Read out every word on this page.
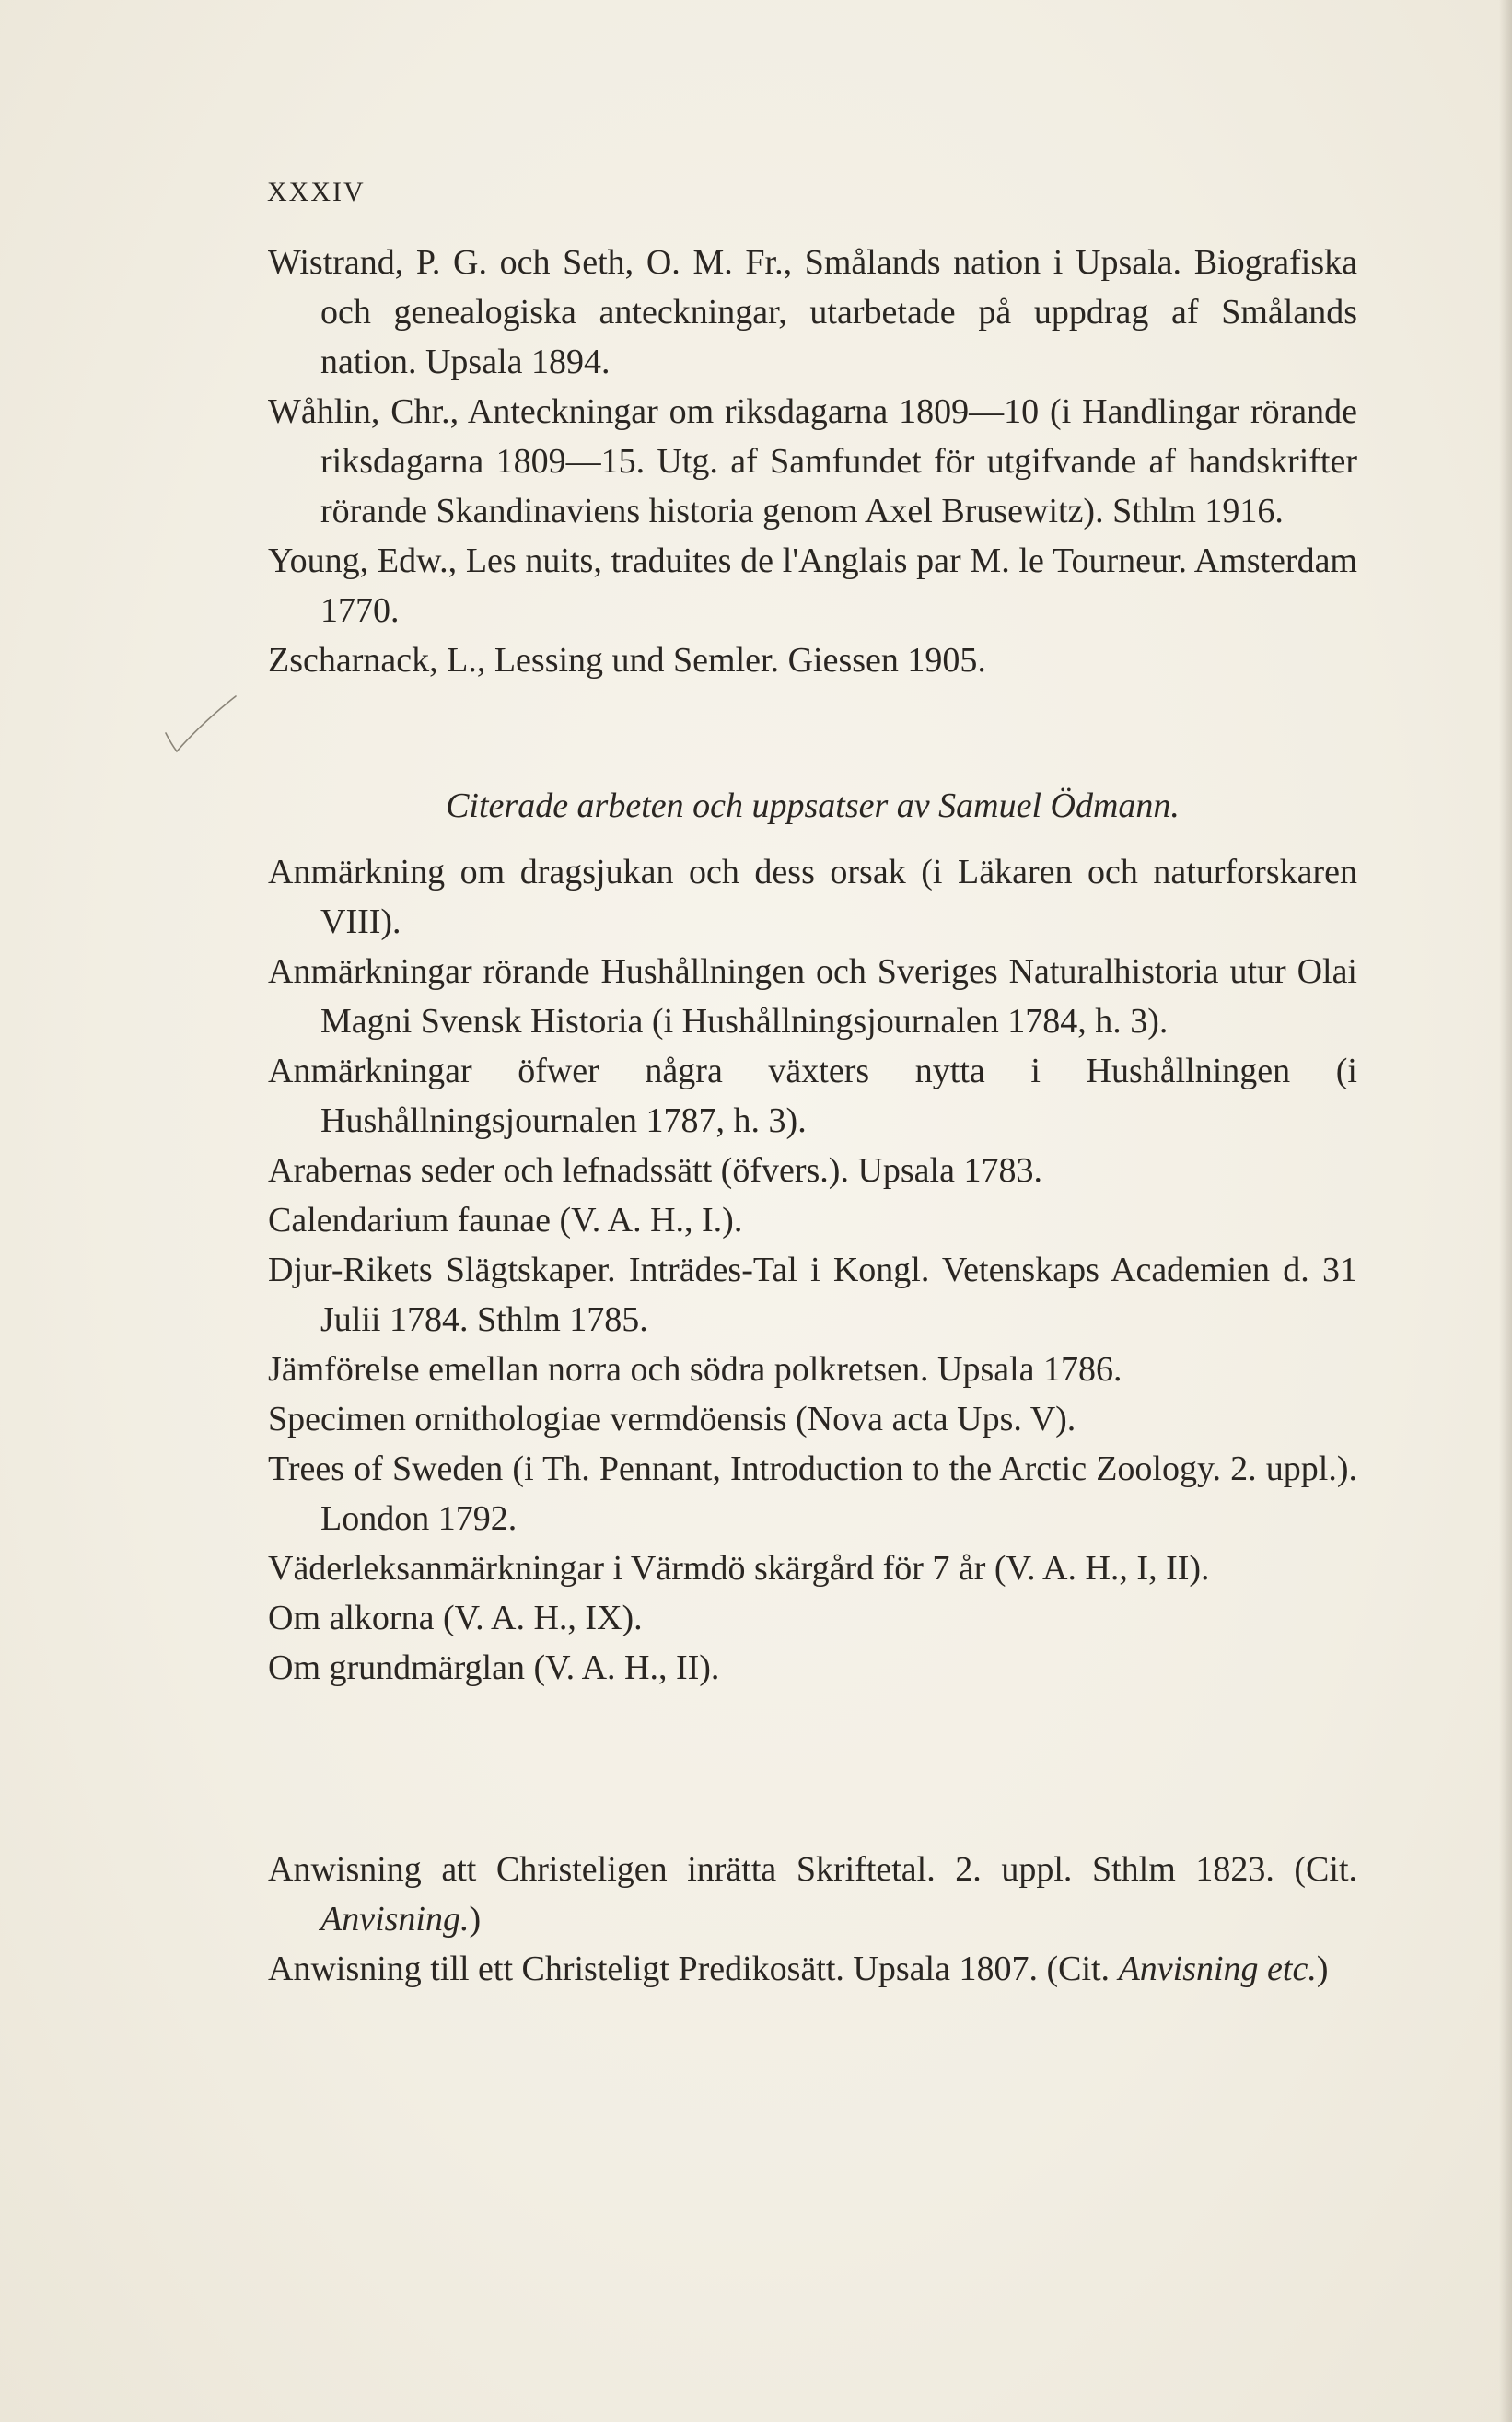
XXXIV

Wistrand, P. G. och Seth, O. M. Fr., Smålands nation i Upsala. Biografiska och genealogiska anteckningar, utarbetade på uppdrag af Smålands nation. Upsala 1894.

Wåhlin, Chr., Anteckningar om riksdagarna 1809—10 (i Handlingar rörande riksdagarna 1809—15. Utg. af Samfundet för utgifvande af handskrifter rörande Skandinaviens historia genom Axel Brusewitz). Sthlm 1916.

Young, Edw., Les nuits, traduites de l'Anglais par M. le Tourneur. Amsterdam 1770.

Zscharnack, L., Lessing und Semler. Giessen 1905.

Citerade arbeten och uppsatser av Samuel Ödmann.

Anmärkning om dragsjukan och dess orsak (i Läkaren och naturforskaren VIII).

Anmärkningar rörande Hushållningen och Sveriges Naturalhistoria utur Olai Magni Svensk Historia (i Hushållningsjournalen 1784, h. 3).

Anmärkningar öfwer några växters nytta i Hushållningen (i Hushållningsjournalen 1787, h. 3).

Arabernas seder och lefnadssätt (öfvers.). Upsala 1783.

Calendarium faunae (V. A. H., I.).

Djur-Rikets Slägtskaper. Inträdes-Tal i Kongl. Vetenskaps Academien d. 31 Julii 1784. Sthlm 1785.

Jämförelse emellan norra och södra polkretsen. Upsala 1786.

Specimen ornithologiae vermdöensis (Nova acta Ups. V).

Trees of Sweden (i Th. Pennant, Introduction to the Arctic Zoology. 2. uppl.). London 1792.

Väderleksanmärkningar i Värmdö skärgård för 7 år (V. A. H., I, II).

Om alkorna (V. A. H., IX).

Om grundmärglan (V. A. H., II).

Anwisning att Christeligen inrätta Skriftetal. 2. uppl. Sthlm 1823. (Cit. Anvisning.)

Anwisning till ett Christeligt Predikosätt. Upsala 1807. (Cit. Anvisning etc.)
